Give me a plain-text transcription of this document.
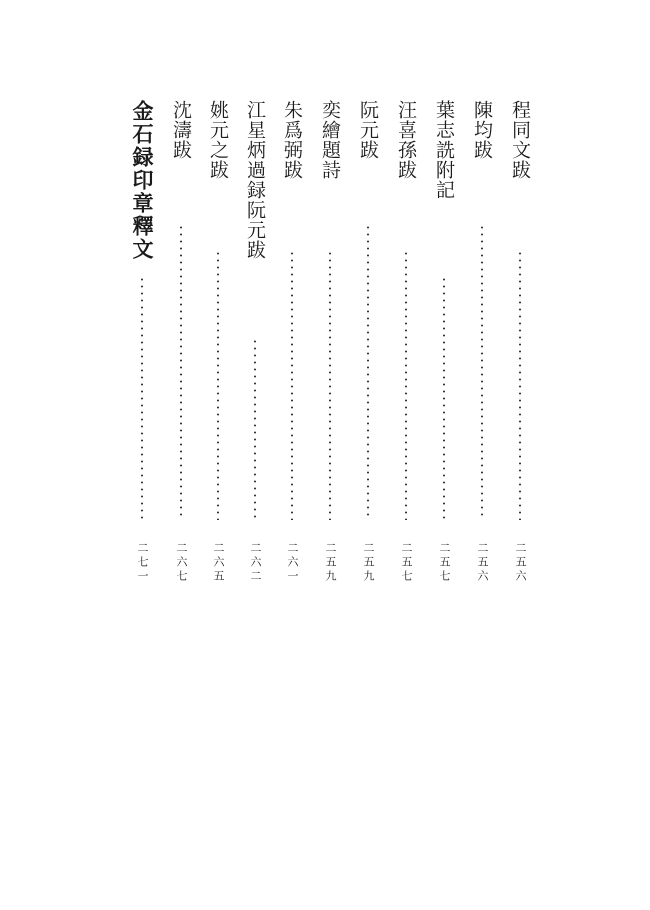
程同文跋
二五六
陳均跋
二五六
葉志詵附記
二五七
汪喜孫跋
二五七
阮元跋
二五九
奕繪題詩
二五九
朱爲弼跋
二六一
江星炳過録阮元跋
二六二
姚元之跋
二六五
沈濤跋
二六七
金石録印章釋文
二七一
